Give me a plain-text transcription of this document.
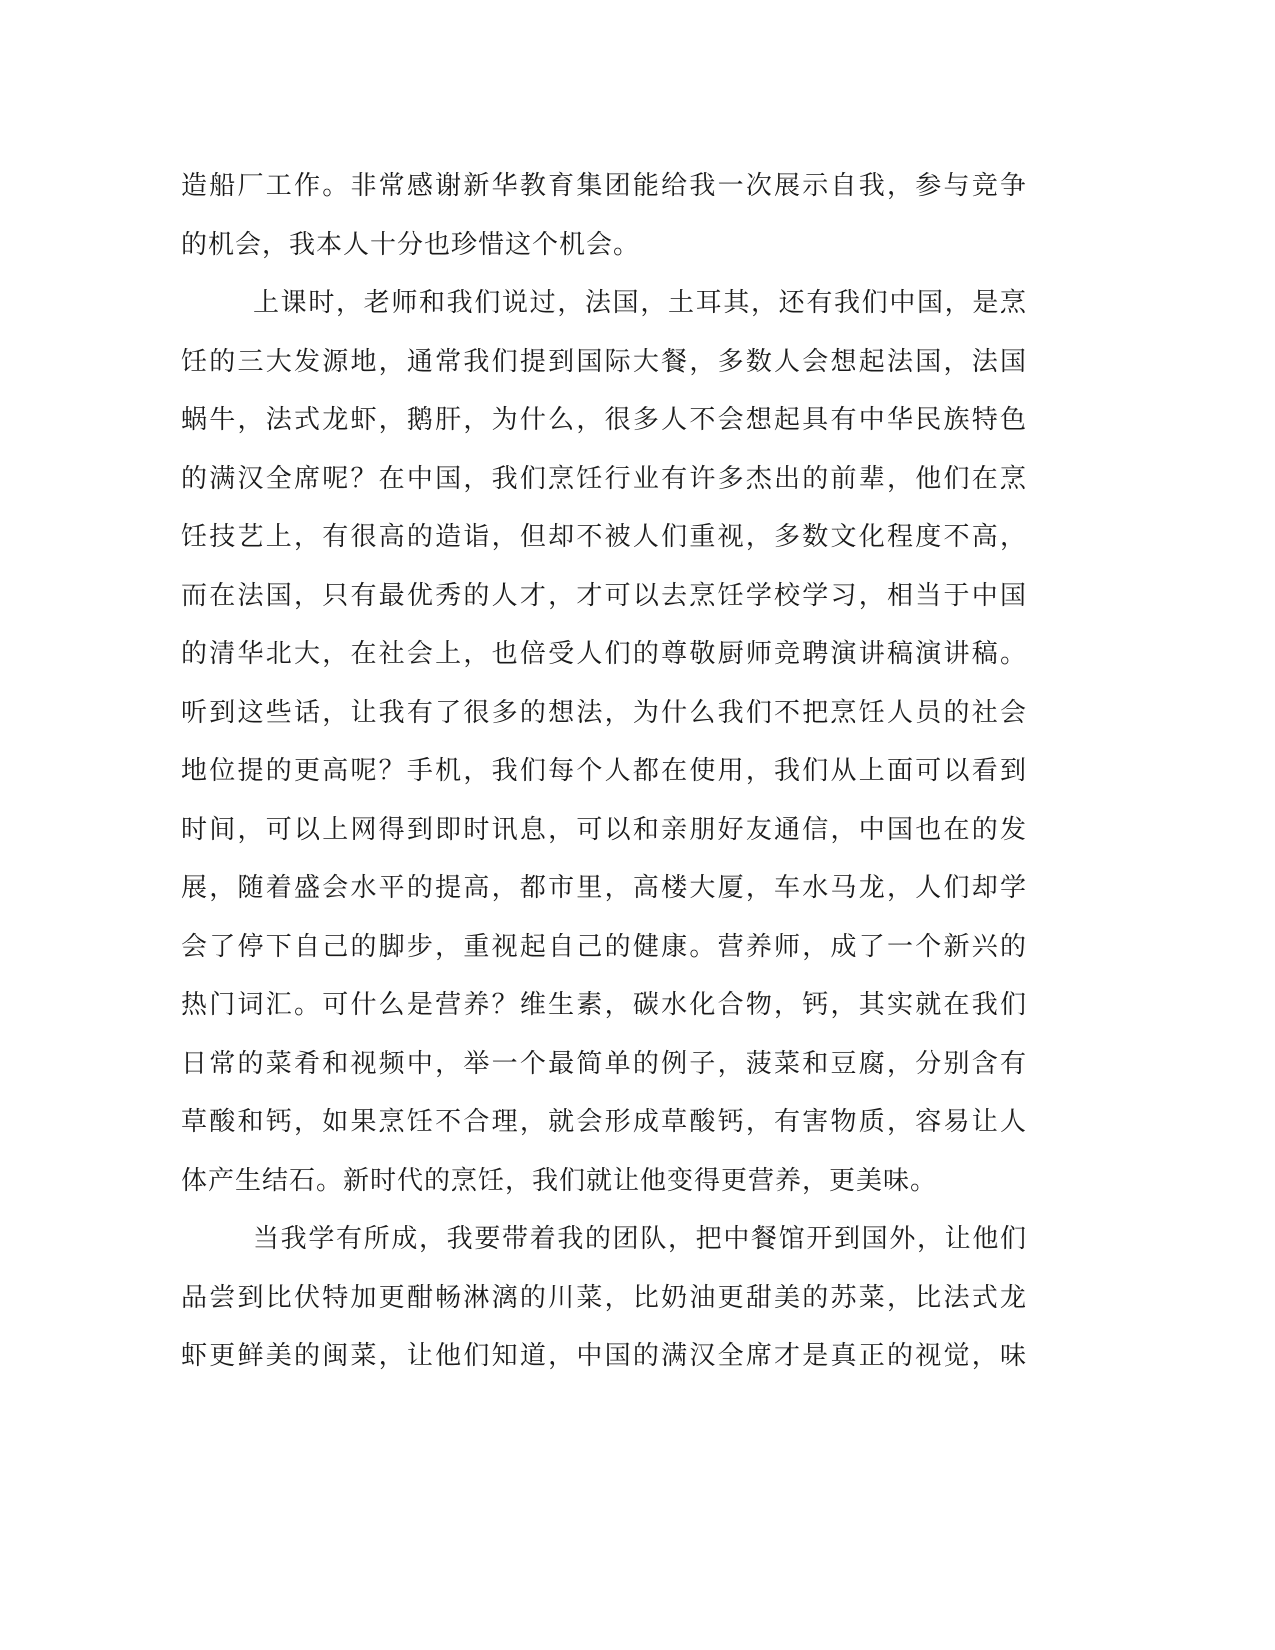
造船厂工作。非常感谢新华教育集团能给我一次展示自我，参与竞争
的机会，我本人十分也珍惜这个机会。
上课时，老师和我们说过，法国，土耳其，还有我们中国，是烹
饪的三大发源地，通常我们提到国际大餐，多数人会想起法国，法国
蜗牛，法式龙虾，鹅肝，为什么，很多人不会想起具有中华民族特色
的满汉全席呢？在中国，我们烹饪行业有许多杰出的前辈，他们在烹
饪技艺上，有很高的造诣，但却不被人们重视，多数文化程度不高，
而在法国，只有最优秀的人才，才可以去烹饪学校学习，相当于中国
的清华北大，在社会上，也倍受人们的尊敬厨师竞聘演讲稿演讲稿。
听到这些话，让我有了很多的想法，为什么我们不把烹饪人员的社会
地位提的更高呢？手机，我们每个人都在使用，我们从上面可以看到
时间，可以上网得到即时讯息，可以和亲朋好友通信，中国也在的发
展，随着盛会水平的提高，都市里，高楼大厦，车水马龙，人们却学
会了停下自己的脚步，重视起自己的健康。营养师，成了一个新兴的
热门词汇。可什么是营养？维生素，碳水化合物，钙，其实就在我们
日常的菜肴和视频中，举一个最简单的例子，菠菜和豆腐，分别含有
草酸和钙，如果烹饪不合理，就会形成草酸钙，有害物质，容易让人
体产生结石。新时代的烹饪，我们就让他变得更营养，更美味。
当我学有所成，我要带着我的团队，把中餐馆开到国外，让他们
品尝到比伏特加更酣畅淋漓的川菜，比奶油更甜美的苏菜，比法式龙
虾更鲜美的闽菜，让他们知道，中国的满汉全席才是真正的视觉，味
